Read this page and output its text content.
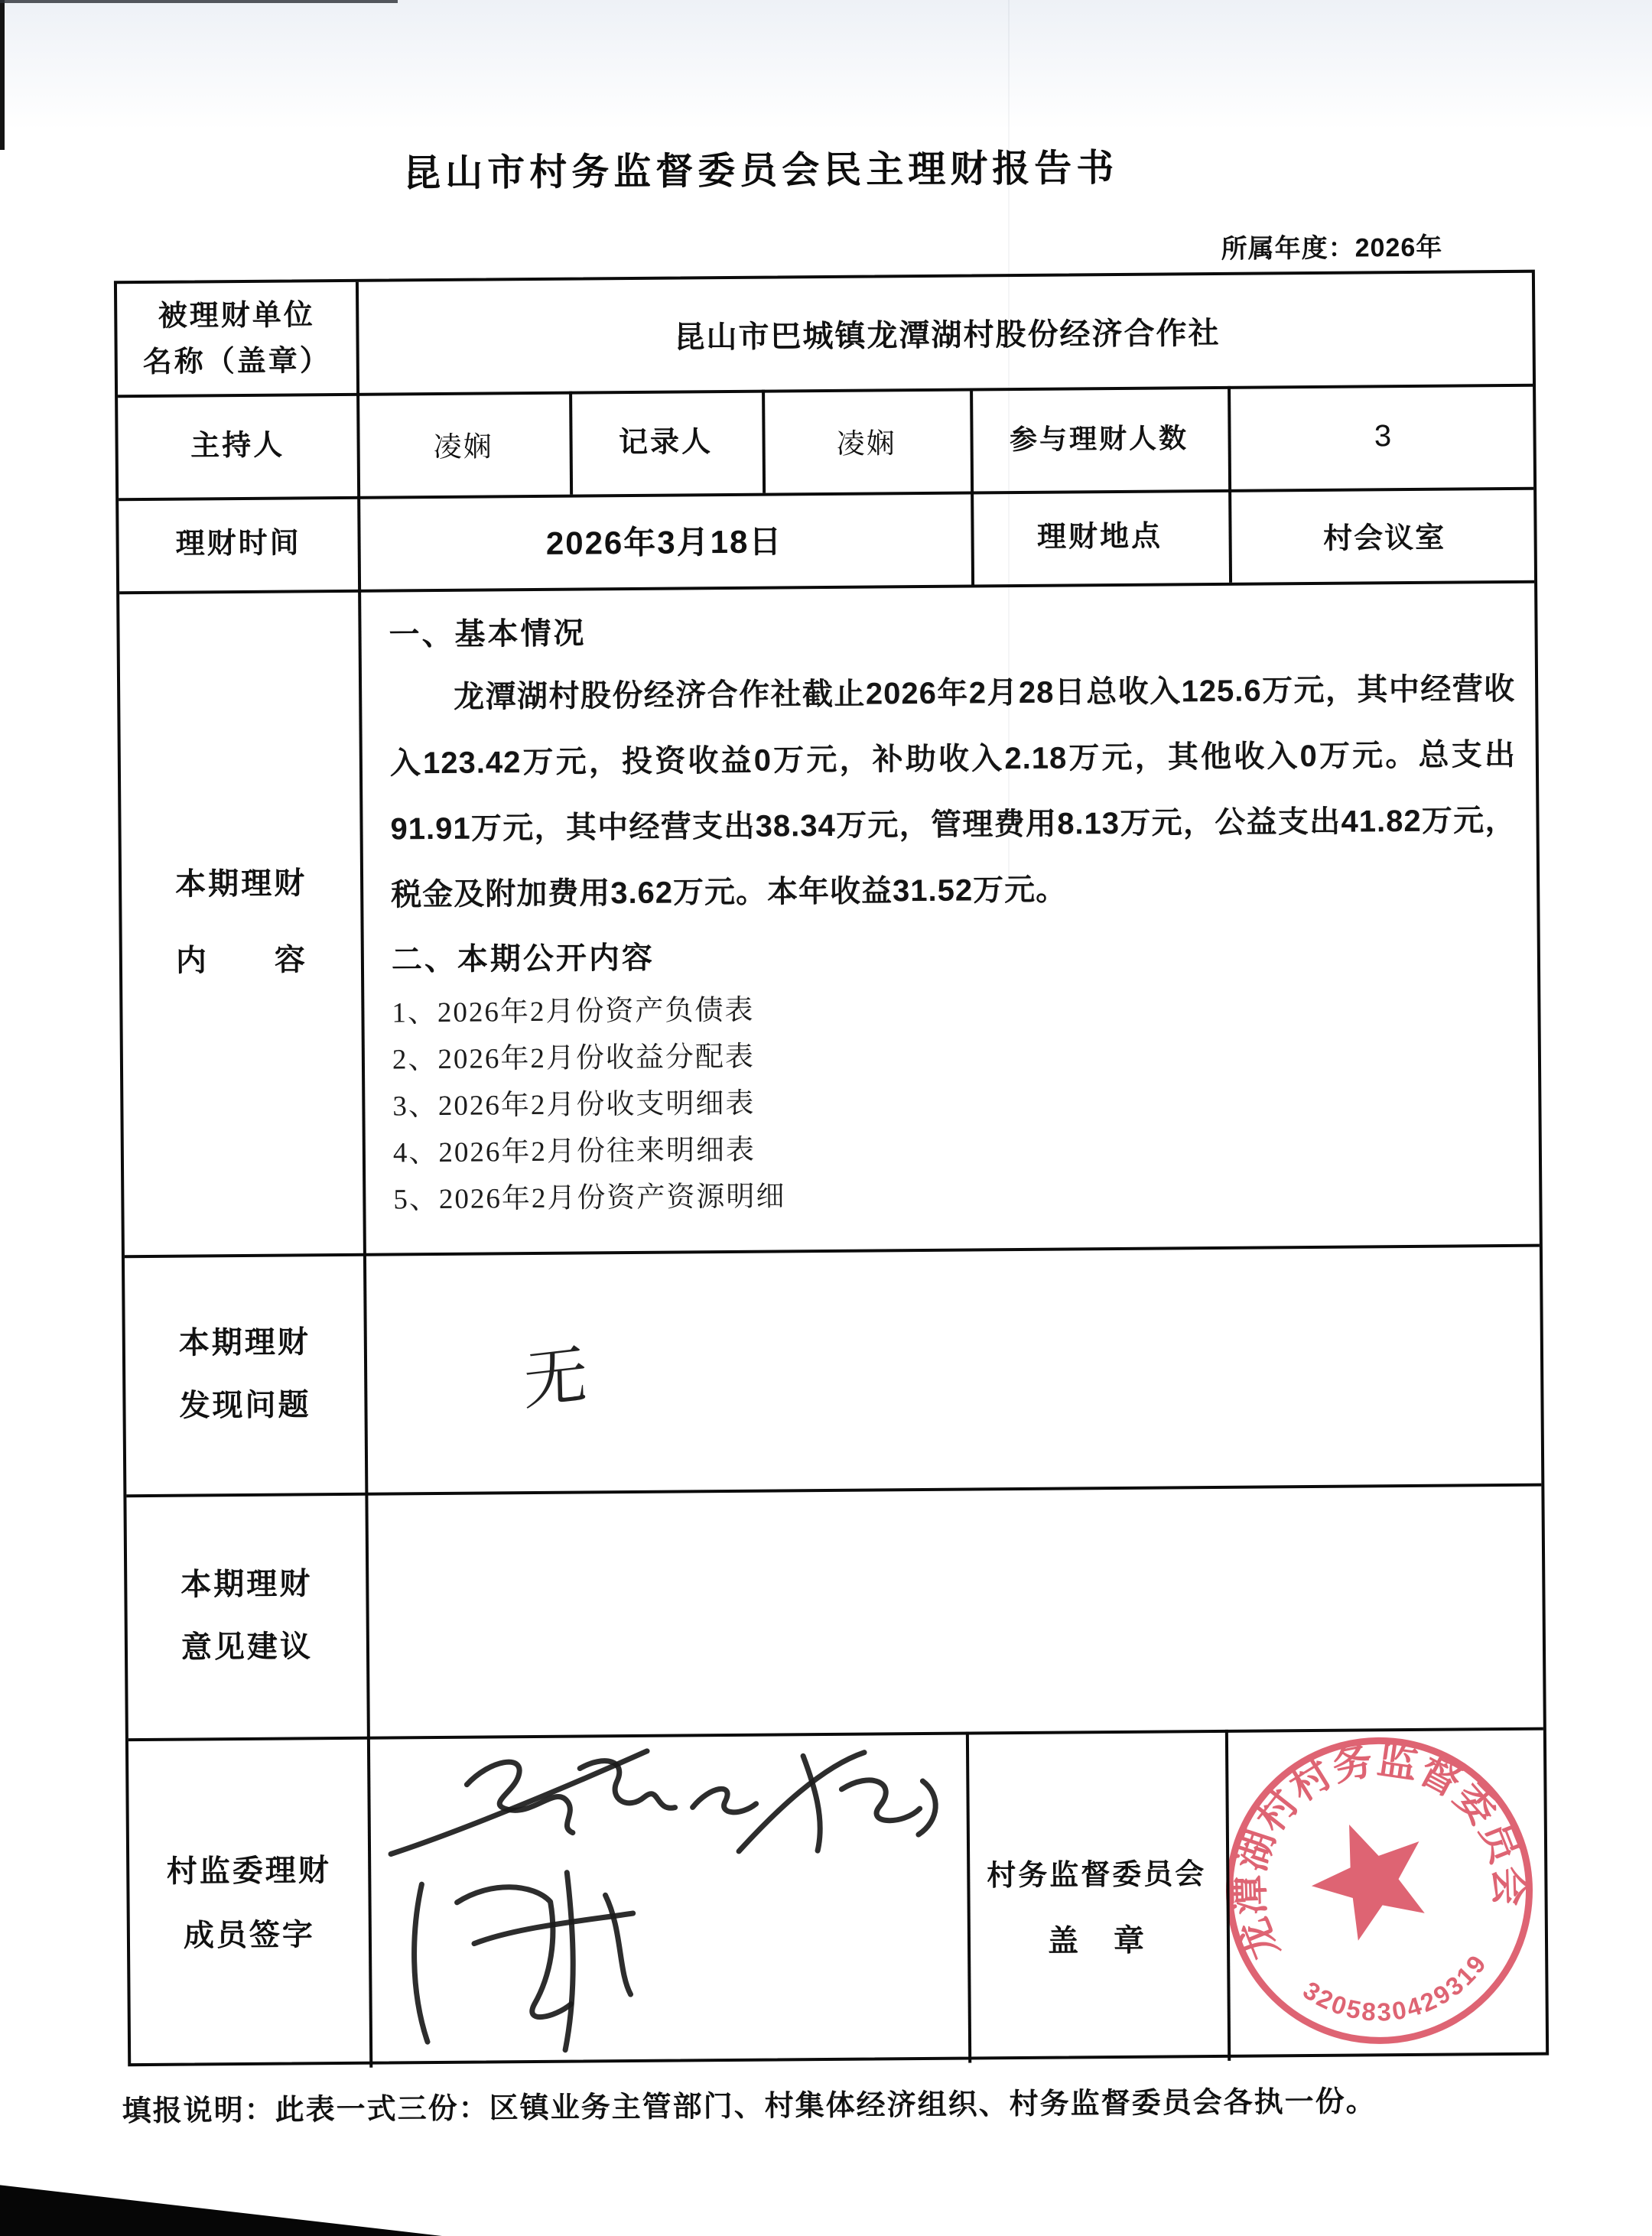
昆山市村务监督委员会民主理财报告书
所属年度：2026年
被理财单位
名称（盖章）
昆山市巴城镇龙潭湖村股份经济合作社
主持人	凌娴	记录人	凌娴	参与理财人数	3
理财时间	2026年3月18日	理财地点	村会议室
本期理财
内　　容
一、基本情况
龙潭湖村股份经济合作社截止2026年2月28日总收入125.6万元，其中经营收入123.42万元，投资收益0万元，补助收入2.18万元，其他收入0万元。总支出91.91万元，其中经营支出38.34万元，管理费用8.13万元，公益支出41.82万元，税金及附加费用3.62万元。本年收益31.52万元。
二、本期公开内容
1、2026年2月份资产负债表
2、2026年2月份收益分配表
3、2026年2月份收支明细表
4、2026年2月份往来明细表
5、2026年2月份资产资源明细
本期理财
发现问题	无
本期理财
意见建议
村监委理财
成员签字
村务监督委员会
盖　章	龙潭湖村村务监督委员会
3205830429319
填报说明：此表一式三份：区镇业务主管部门、村集体经济组织、村务监督委员会各执一份。
